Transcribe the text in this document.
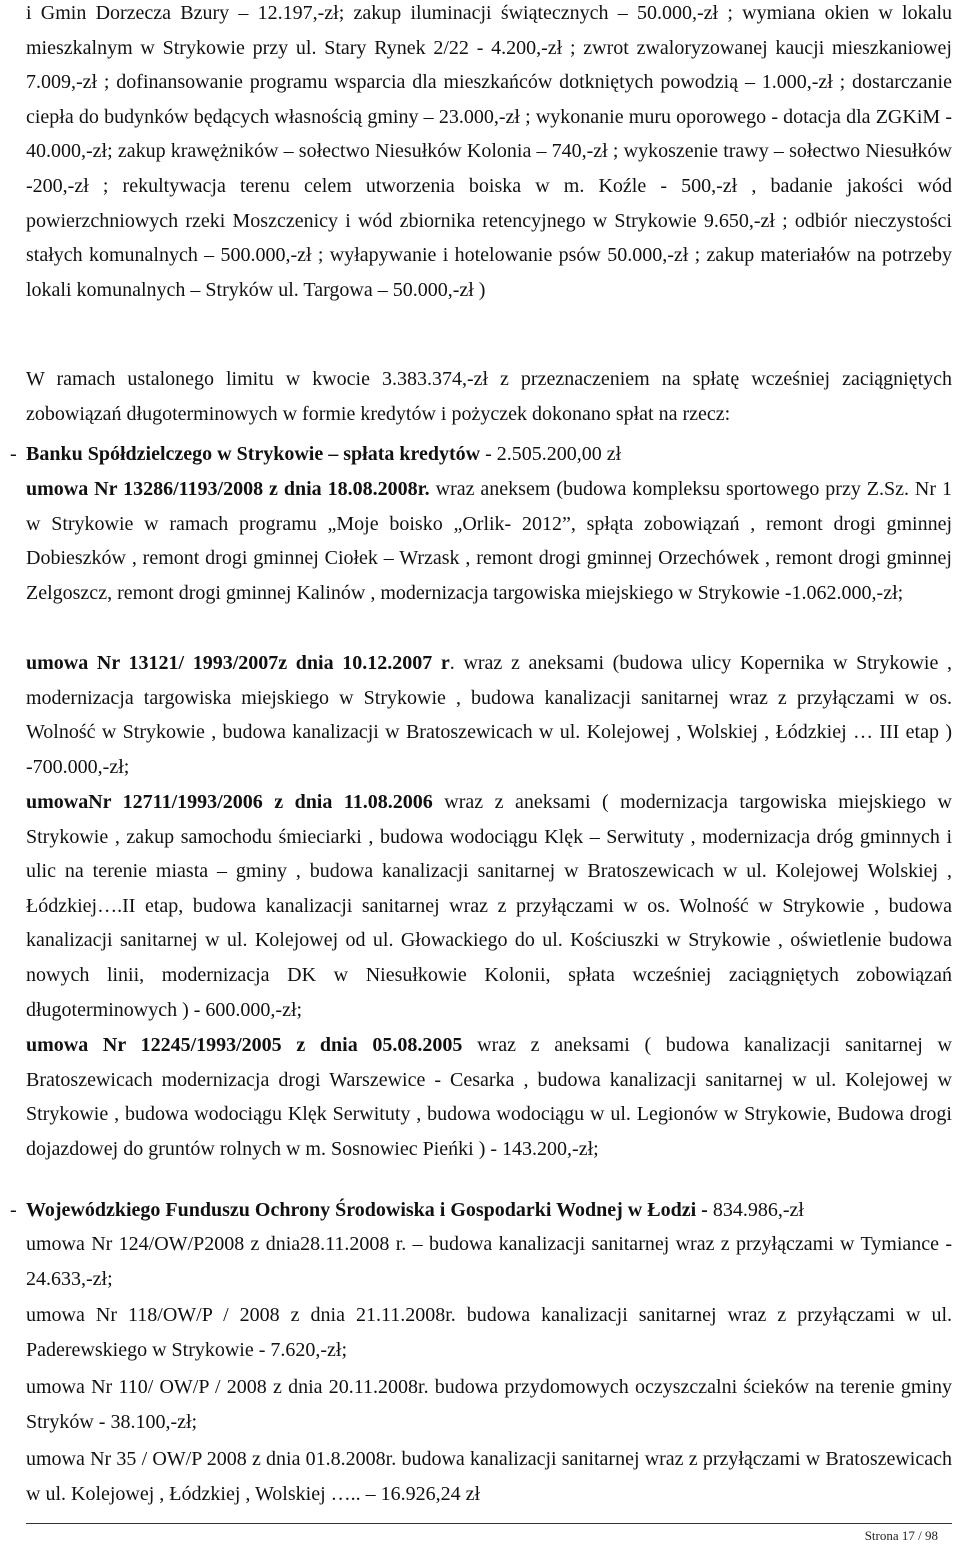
i Gmin Dorzecza Bzury – 12.197,-zł; zakup iluminacji świątecznych – 50.000,-zł ; wymiana okien w lokalu mieszkalnym w Strykowie przy ul. Stary Rynek 2/22 - 4.200,-zł ; zwrot zwaloryzowanej kaucji mieszkaniowej 7.009,-zł ; dofinansowanie programu wsparcia dla mieszkańców dotkniętych powodzią – 1.000,-zł ; dostarczanie ciepła do budynków będących własnością gminy – 23.000,-zł ; wykonanie muru oporowego - dotacja dla ZGKiM - 40.000,-zł; zakup krawężników – sołectwo Niesułków Kolonia – 740,-zł ; wykoszenie trawy – sołectwo Niesułków -200,-zł ; rekultywacja terenu celem utworzenia boiska w m. Koźle - 500,-zł , badanie jakości wód powierzchniowych rzeki Moszczenicy i wód zbiornika retencyjnego w Strykowie 9.650,-zł ; odbiór nieczystości stałych komunalnych – 500.000,-zł ; wyłapywanie i hotelowanie psów 50.000,-zł ; zakup materiałów na potrzeby lokali komunalnych – Stryków ul. Targowa – 50.000,-zł )

W ramach ustalonego limitu w kwocie 3.383.374,-zł z przeznaczeniem na spłatę wcześniej zaciągniętych zobowiązań długoterminowych w formie kredytów i pożyczek dokonano spłat na rzecz:

- Banku Spółdzielczego w Strykowie – spłata kredytów - 2.505.200,00 zł

umowa Nr 13286/1193/2008 z dnia 18.08.2008r. wraz aneksem (budowa kompleksu sportowego przy Z.Sz. Nr 1 w Strykowie w ramach programu „Moje boisko „Orlik- 2012”, spłąta zobowiązań , remont drogi gminnej Dobieszków , remont drogi gminnej Ciołek – Wrzask , remont drogi gminnej Orzechówek , remont drogi gminnej Zelgoszcz, remont drogi gminnej Kalinów , modernizacja targowiska miejskiego w Strykowie -1.062.000,-zł;

umowa Nr 13121/ 1993/2007z dnia 10.12.2007 r. wraz z aneksami (budowa ulicy Kopernika w Strykowie , modernizacja targowiska miejskiego w Strykowie , budowa kanalizacji sanitarnej wraz z przyłączami w os. Wolność w Strykowie , budowa kanalizacji w Bratoszewicach w ul. Kolejowej , Wolskiej , Łódzkiej … III etap ) -700.000,-zł;

umowaNr 12711/1993/2006 z dnia 11.08.2006 wraz z aneksami ( modernizacja targowiska miejskiego w Strykowie , zakup samochodu śmieciarki , budowa wodociągu Klęk – Serwituty , modernizacja dróg gminnych i ulic na terenie miasta – gminy , budowa kanalizacji sanitarnej w Bratoszewicach w ul. Kolejowej Wolskiej , Łódzkiej….II etap, budowa kanalizacji sanitarnej wraz z przyłączami w os. Wolność w Strykowie , budowa kanalizacji sanitarnej w ul. Kolejowej od ul. Głowackiego do ul. Kościuszki w Strykowie , oświetlenie budowa nowych linii, modernizacja DK w Niesułkowie Kolonii, spłata wcześniej zaciągniętych zobowiązań długoterminowych ) - 600.000,-zł;

umowa Nr 12245/1993/2005 z dnia 05.08.2005 wraz z aneksami ( budowa kanalizacji sanitarnej w Bratoszewicach modernizacja drogi Warszewice - Cesarka , budowa kanalizacji sanitarnej w ul. Kolejowej w Strykowie , budowa wodociągu Klęk Serwituty , budowa wodociągu w ul. Legionów w Strykowie, Budowa drogi dojazdowej do gruntów rolnych w m. Sosnowiec Pieńki ) - 143.200,-zł;

- Wojewódzkiego Funduszu Ochrony Środowiska i Gospodarki Wodnej w Łodzi - 834.986,-zł

umowa Nr 124/OW/P2008 z dnia28.11.2008 r. – budowa kanalizacji sanitarnej wraz z przyłączami w Tymiance - 24.633,-zł;

umowa Nr 118/OW/P / 2008 z dnia 21.11.2008r. budowa kanalizacji sanitarnej wraz z przyłączami w ul. Paderewskiego w Strykowie - 7.620,-zł;

umowa Nr 110/ OW/P / 2008 z dnia 20.11.2008r. budowa przydomowych oczyszczalni ścieków na terenie gminy Stryków - 38.100,-zł;

umowa Nr 35 / OW/P 2008 z dnia 01.8.2008r. budowa kanalizacji sanitarnej wraz z przyłączami w Bratoszewicach w ul. Kolejowej , Łódzkiej , Wolskiej ….. – 16.926,24 zł

Strona 17 / 98
